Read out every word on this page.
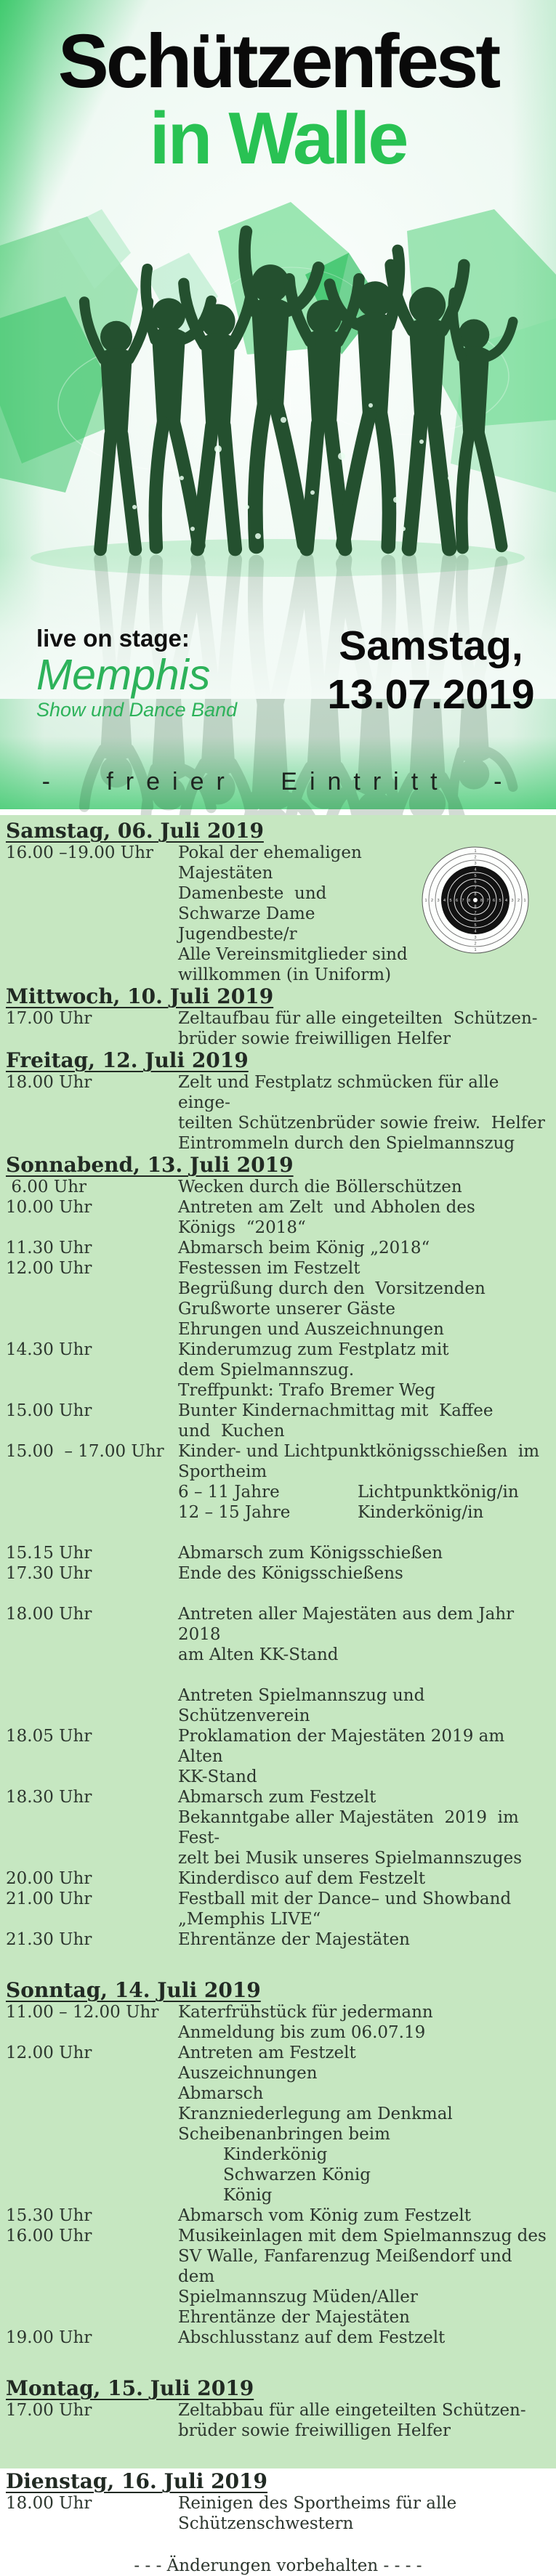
Schützenfest
in Walle
live on stage:
Memphis
Show und Dance Band
Samstag,
13.07.2019
- freier Eintritt -
1	1
1
1
2	2
2
2
3	3
3
3
4	4
4
4
5	5
5
5
6	6
6
6
7	7
7
7
8	8
8
8
Samstag, 06. Juli 2019
16.00 –19.00 Uhr	Pokal der ehemaligen
Majestäten
Damenbeste  und
Schwarze Dame
Jugendbeste/r
Alle Vereinsmitglieder sind
willkommen (in Uniform)
Mittwoch, 10. Juli 2019
17.00 Uhr	Zeltaufbau für alle eingeteilten  Schützen-
brüder sowie freiwilligen Helfer
Freitag, 12. Juli 2019
18.00 Uhr	Zelt und Festplatz schmücken für alle einge-
teilten Schützenbrüder sowie freiw.  Helfer
Eintrommeln durch den Spielmannszug
Sonnabend, 13. Juli 2019
6.00 Uhr	Wecken durch die Böllerschützen
10.00 Uhr	Antreten am Zelt  und Abholen des
Königs  “2018“
11.30 Uhr	Abmarsch beim König „2018“
12.00 Uhr	Festessen im Festzelt
Begrüßung durch den  Vorsitzenden
Grußworte unserer Gäste
Ehrungen und Auszeichnungen
14.30 Uhr	Kinderumzug zum Festplatz mit
dem Spielmannszug.
Treffpunkt: Trafo Bremer Weg
15.00 Uhr	Bunter Kindernachmittag mit  Kaffee
und  Kuchen
15.00  – 17.00 Uhr Kinder- und Lichtpunktkönigsschießen  im
Sportheim
6 – 11 Jahre	Lichtpunktkönig/in
12 – 15 Jahre	Kinderkönig/in
15.15 Uhr	Abmarsch zum Königsschießen
17.30 Uhr	Ende des Königsschießens
18.00 Uhr	Antreten aller Majestäten aus dem Jahr 2018
am Alten KK-Stand
Antreten Spielmannszug und Schützenverein
18.05 Uhr	Proklamation der Majestäten 2019 am Alten
KK-Stand
18.30 Uhr	Abmarsch zum Festzelt
Bekanntgabe aller Majestäten  2019  im Fest-
zelt bei Musik unseres Spielmannszuges
20.00 Uhr	Kinderdisco auf dem Festzelt
21.00 Uhr	Festball mit der Dance– und Showband
„Memphis LIVE“
21.30 Uhr	Ehrentänze der Majestäten
Sonntag, 14. Juli 2019
11.00 – 12.00 Uhr	Katerfrühstück für jedermann
Anmeldung bis zum 06.07.19
12.00 Uhr	Antreten am Festzelt
Auszeichnungen
Abmarsch
Kranzniederlegung am Denkmal
Scheibenanbringen beim
Kinderkönig
Schwarzen König
König
15.30 Uhr	Abmarsch vom König zum Festzelt
16.00 Uhr	Musikeinlagen mit dem Spielmannszug des
SV Walle, Fanfarenzug Meißendorf und dem
Spielmannszug Müden/Aller
Ehrentänze der Majestäten
19.00 Uhr	Abschlusstanz auf dem Festzelt
Montag, 15. Juli 2019
17.00 Uhr	Zeltabbau für alle eingeteilten Schützen-
brüder sowie freiwilligen Helfer
Dienstag, 16. Juli 2019
18.00 Uhr	Reinigen des Sportheims für alle
Schützenschwestern
- - - Änderungen vorbehalten - - - -
